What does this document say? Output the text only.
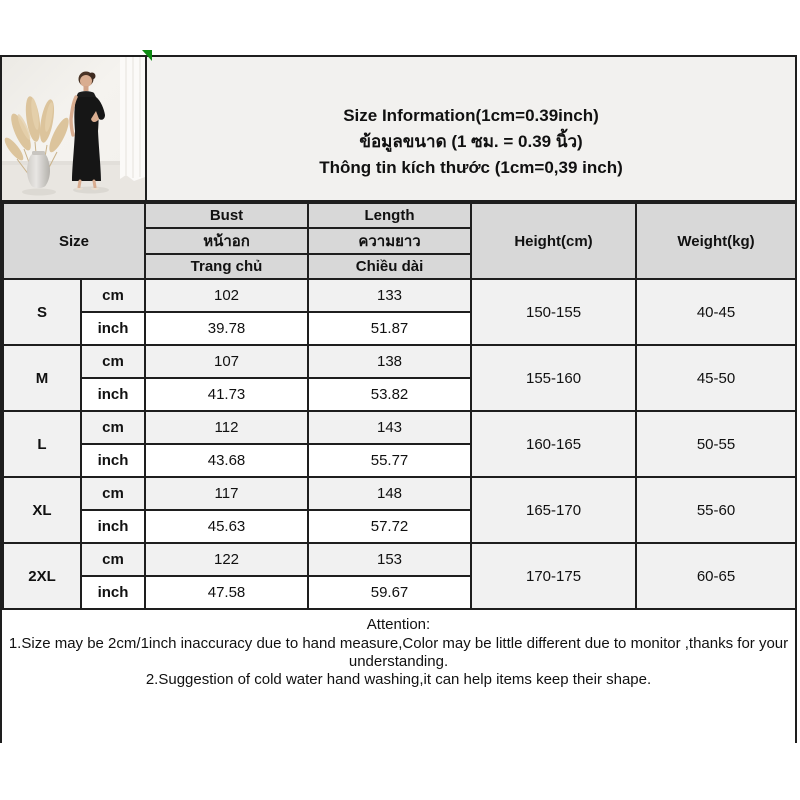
Size Information(1cm=0.39inch)
ข้อมูลขนาด (1 ซม. = 0.39 นิ้ว)
Thông tin kích thước (1cm=0,39 inch)
Size		Bust	Length	Height(cm)	Weight(kg)
		หน้าอก	ความยาว		
		Trang chủ	Chiều dài		
S	cm	102	133	150-155	40-45
	inch	39.78	51.87		
M	cm	107	138	155-160	45-50
	inch	41.73	53.82		
L	cm	112	143	160-165	50-55
	inch	43.68	55.77		
XL	cm	117	148	165-170	55-60
	inch	45.63	57.72		
2XL	cm	122	153	170-175	60-65
	inch	47.58	59.67		
Attention:
1.Size may be 2cm/1inch inaccuracy due to hand measure,Color may be little different due to monitor ,thanks for your understanding.
2.Suggestion of cold water hand washing,it can help items keep their shape.
